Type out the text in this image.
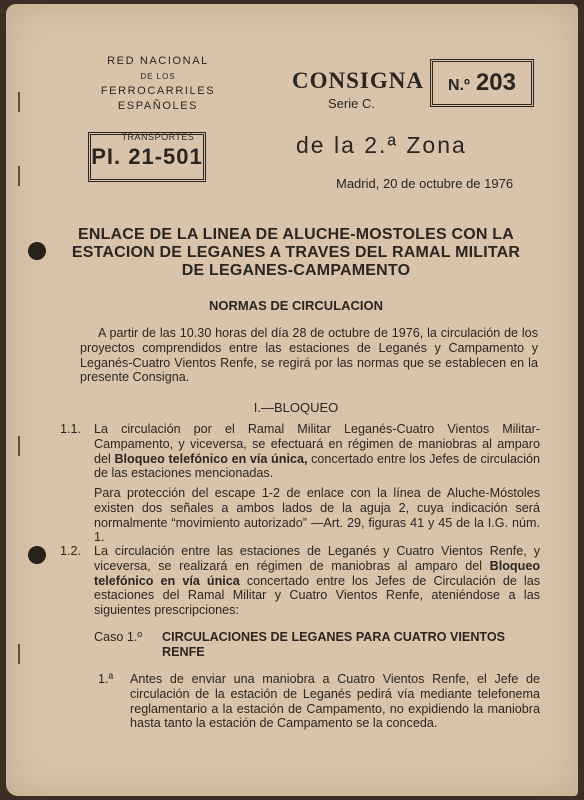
RED NACIONAL
DE LOS
FERROCARRILES ESPAÑOLES
TRANSPORTES
PI. 21-501
CONSIGNA
Serie C.
N.º 203
de la 2.ª Zona
Madrid, 20 de octubre de 1976
ENLACE DE LA LINEA DE ALUCHE-MOSTOLES CON LA
ESTACION DE LEGANES A TRAVES DEL RAMAL MILITAR
DE LEGANES-CAMPAMENTO
NORMAS DE CIRCULACION
A partir de las 10.30 horas del día 28 de octubre de 1976, la circulación de los proyectos comprendidos entre las estaciones de Leganés y Campamento y Leganés-Cuatro Vientos Renfe, se regirá por las normas que se establecen en la presente Consigna.
I.—BLOQUEO
1.1. La circulación por el Ramal Militar Leganés-Cuatro Vientos Militar-Campamento, y viceversa, se efectuará en régimen de maniobras al amparo del Bloqueo telefónico en vía única, concertado entre los Jefes de circulación de las estaciones mencionadas.
Para protección del escape 1-2 de enlace con la línea de Aluche-Móstoles existen dos señales a ambos lados de la aguja 2, cuya indicación será normalmente “movimiento autorizado” —Art. 29, figuras 41 y 45 de la I.G. núm. 1.
1.2. La circulación entre las estaciones de Leganés y Cuatro Vientos Renfe, y viceversa, se realizará en régimen de maniobras al amparo del Bloqueo telefónico en vía única concertado entre los Jefes de Circulación de las estaciones del Ramal Militar y Cuatro Vientos Renfe, ateniéndose a las siguientes prescripciones:
Caso 1.º CIRCULACIONES DE LEGANES PARA CUATRO VIENTOS RENFE
1.ª Antes de enviar una maniobra a Cuatro Vientos Renfe, el Jefe de circulación de la estación de Leganés pedirá vía mediante telefonema reglamentario a la estación de Campamento, no expidiendo la maniobra hasta tanto la estación de Campamento se la conceda.
